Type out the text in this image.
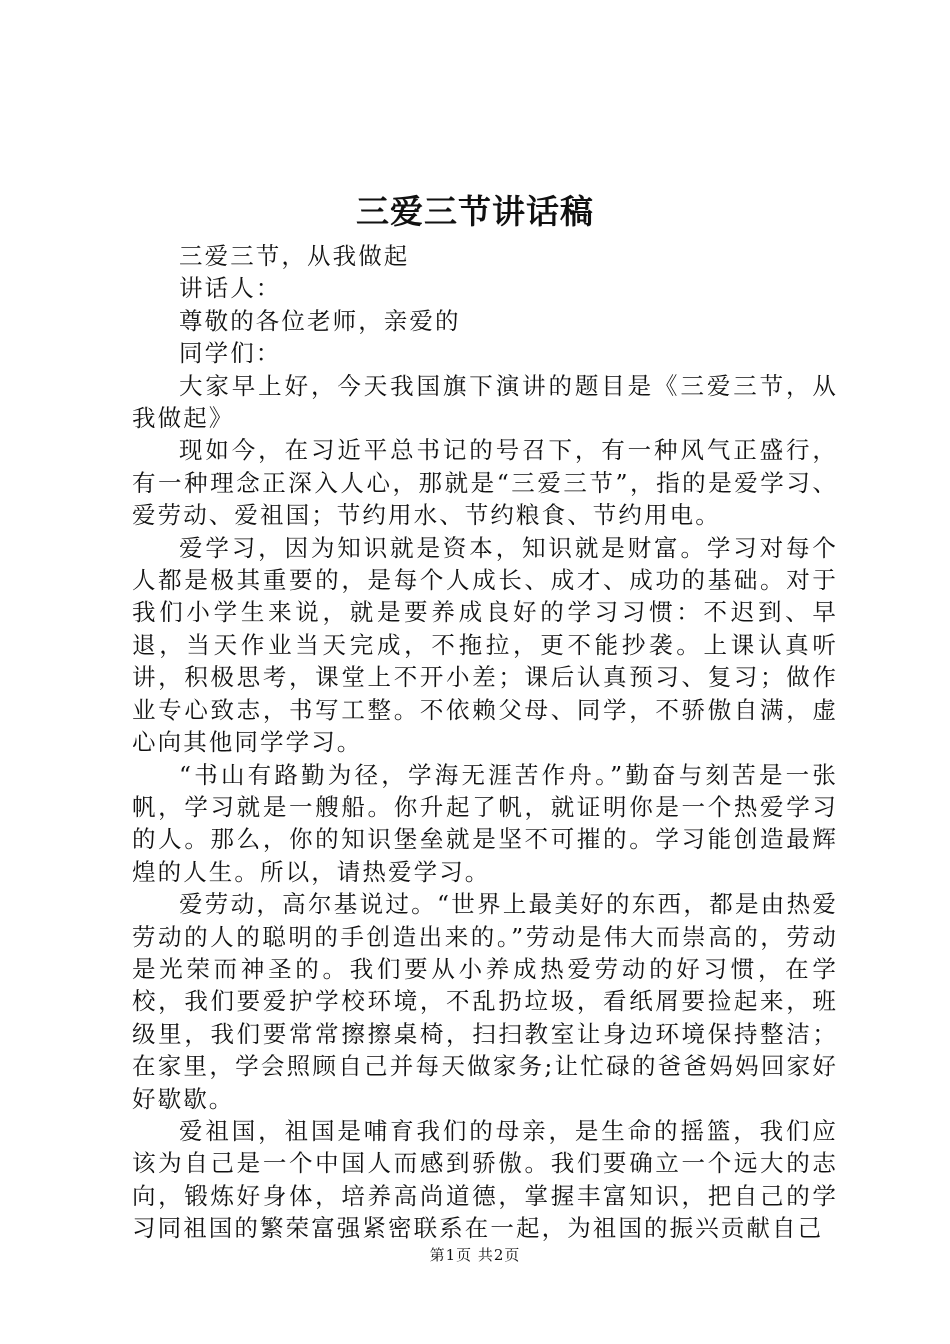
三爱三节讲话稿

三爱三节，从我做起

讲话人：

尊敬的各位老师，亲爱的

同学们：

大家早上好，今天我国旗下演讲的题目是《三爱三节，从我做起》

现如今，在习近平总书记的号召下，有一种风气正盛行，有一种理念正深入人心，那就是“三爱三节”，指的是爱学习、爱劳动、爱祖国；节约用水、节约粮食、节约用电。

爱学习，因为知识就是资本，知识就是财富。学习对每个人都是极其重要的，是每个人成长、成才、成功的基础。对于我们小学生来说，就是要养成良好的学习习惯：不迟到、早退，当天作业当天完成，不拖拉，更不能抄袭。上课认真听讲，积极思考，课堂上不开小差；课后认真预习、复习；做作业专心致志，书写工整。不依赖父母、同学，不骄傲自满，虚心向其他同学学习。

“书山有路勤为径，学海无涯苦作舟。”勤奋与刻苦是一张帆，学习就是一艘船。你升起了帆，就证明你是一个热爱学习的人。那么，你的知识堡垒就是坚不可摧的。学习能创造最辉煌的人生。所以，请热爱学习。

爱劳动，高尔基说过。“世界上最美好的东西，都是由热爱劳动的人的聪明的手创造出来的。”劳动是伟大而崇高的，劳动是光荣而神圣的。我们要从小养成热爱劳动的好习惯，在学校，我们要爱护学校环境，不乱扔垃圾，看纸屑要捡起来，班级里，我们要常常擦擦桌椅，扫扫教室让身边环境保持整洁；在家里，学会照顾自己并每天做家务;让忙碌的爸爸妈妈回家好好歇歇。

爱祖国，祖国是哺育我们的母亲，是生命的摇篮，我们应该为自己是一个中国人而感到骄傲。我们要确立一个远大的志向，锻炼好身体，培养高尚道德，掌握丰富知识，把自己的学习同祖国的繁荣富强紧密联系在一起，为祖国的振兴贡献自己

第1页 共2页
